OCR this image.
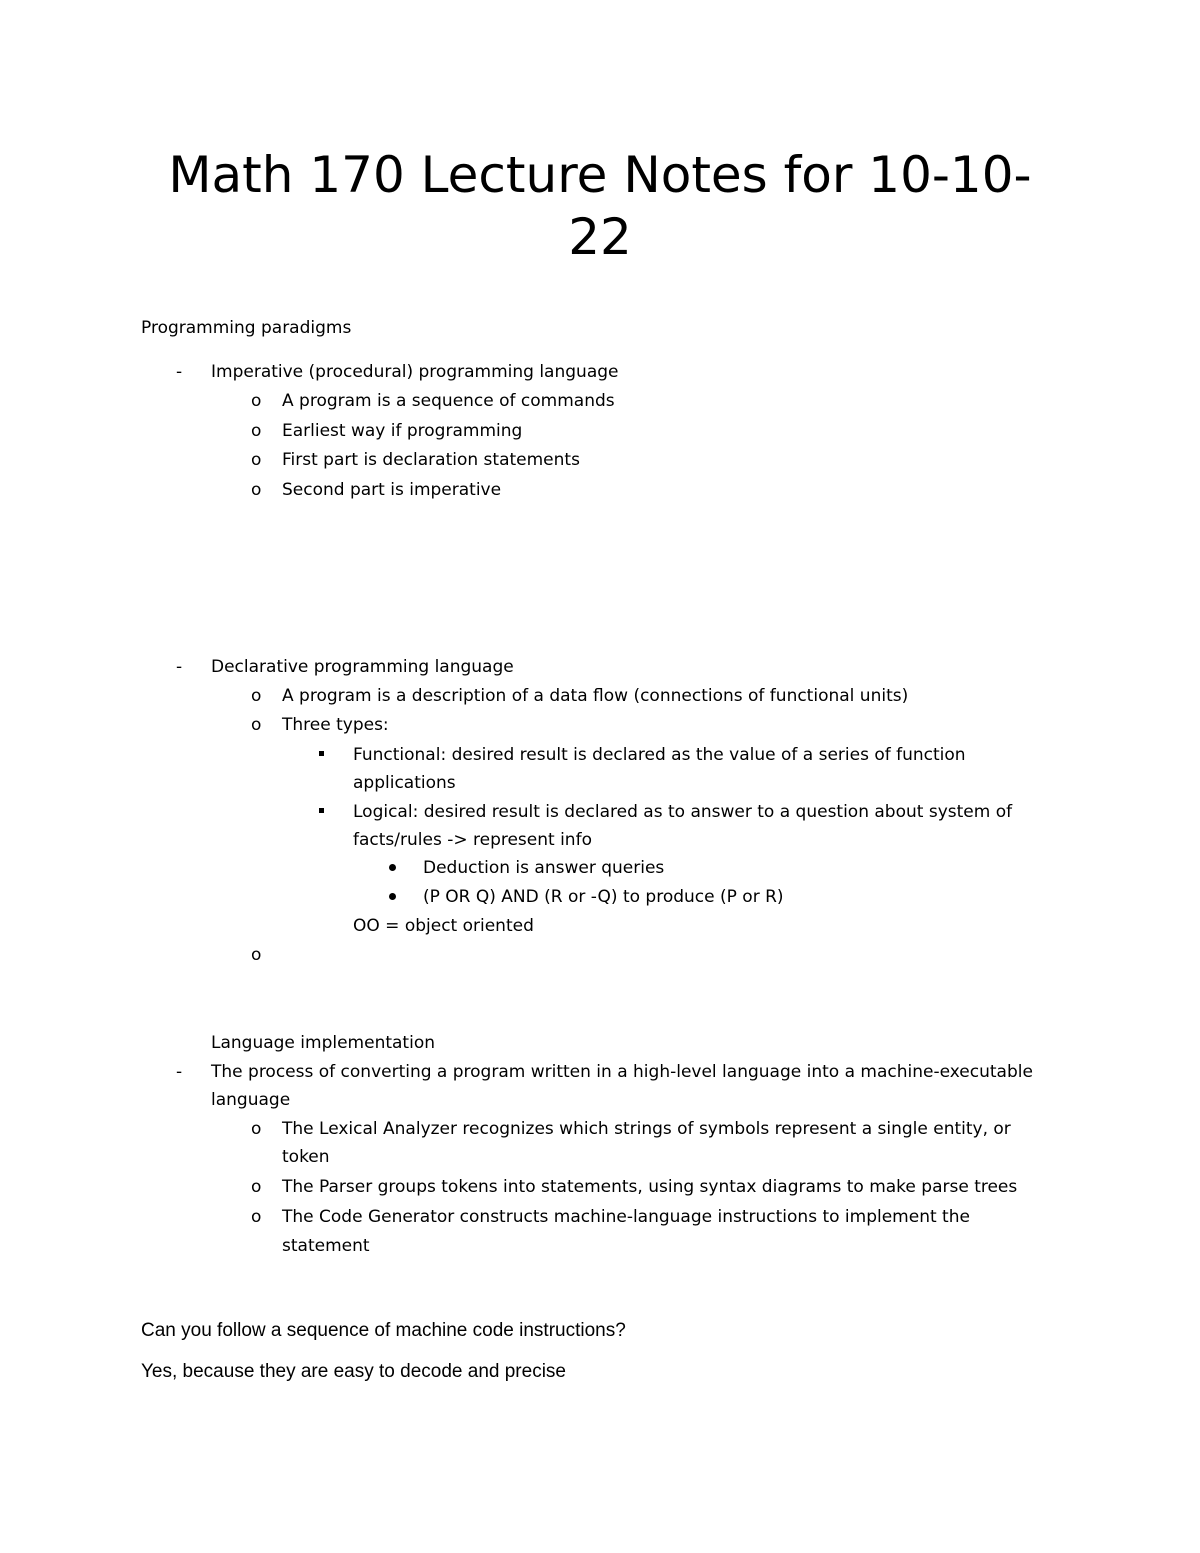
Math 170 Lecture Notes for 10-10-
22
Programming paradigms
- Imperative (procedural) programming language
o A program is a sequence of commands
o Earliest way if programming
o First part is declaration statements
o Second part is imperative
- Declarative programming language
o A program is a description of a data flow (connections of functional units)
o Three types:
Functional: desired result is declared as the value of a series of function
applications
Logical: desired result is declared as to answer to a question about system of
facts/rules -> represent info
Deduction is answer queries
(P OR Q) AND (R or -Q) to produce (P or R)
OO = object oriented
o
Language implementation
- The process of converting a program written in a high-level language into a machine-executable
language
o The Lexical Analyzer recognizes which strings of symbols represent a single entity, or
token
o The Parser groups tokens into statements, using syntax diagrams to make parse trees
o The Code Generator constructs machine-language instructions to implement the
statement
Can you follow a sequence of machine code instructions?
Yes, because they are easy to decode and precise
